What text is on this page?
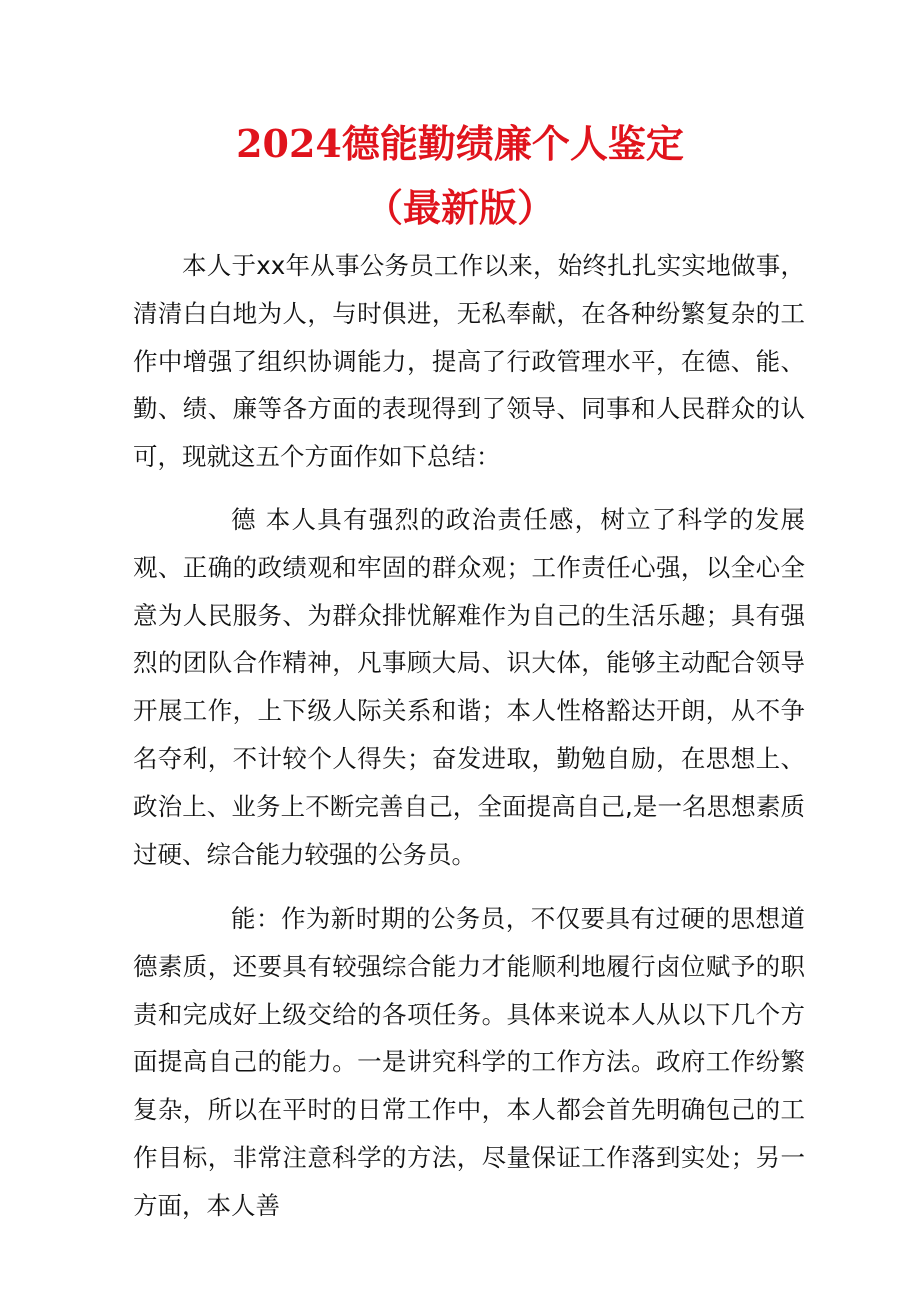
2024德能勤绩廉个人鉴定
（最新版）

本人于xx年从事公务员工作以来，始终扎扎实实地做事，清清白白地为人，与时俱进，无私奉献，在各种纷繁复杂的工作中增强了组织协调能力，提高了行政管理水平，在德、能、勤、绩、廉等各方面的表现得到了领导、同事和人民群众的认可，现就这五个方面作如下总结：

德 本人具有强烈的政治责任感，树立了科学的发展观、正确的政绩观和牢固的群众观；工作责任心强，以全心全意为人民服务、为群众排忧解难作为自己的生活乐趣；具有强烈的团队合作精神，凡事顾大局、识大体，能够主动配合领导开展工作，上下级人际关系和谐；本人性格豁达开朗，从不争名夺利，不计较个人得失；奋发进取，勤勉自励，在思想上、政治上、业务上不断完善自己，全面提高自己,是一名思想素质过硬、综合能力较强的公务员。

能：作为新时期的公务员，不仅要具有过硬的思想道德素质，还要具有较强综合能力才能顺利地履行卤位赋予的职责和完成好上级交给的各项任务。具体来说本人从以下几个方面提高自己的能力。一是讲究科学的工作方法。政府工作纷繁复杂，所以在平时的日常工作中，本人都会首先明确包己的工作目标，非常注意科学的方法，尽量保证工作落到实处；另一方面，本人善
